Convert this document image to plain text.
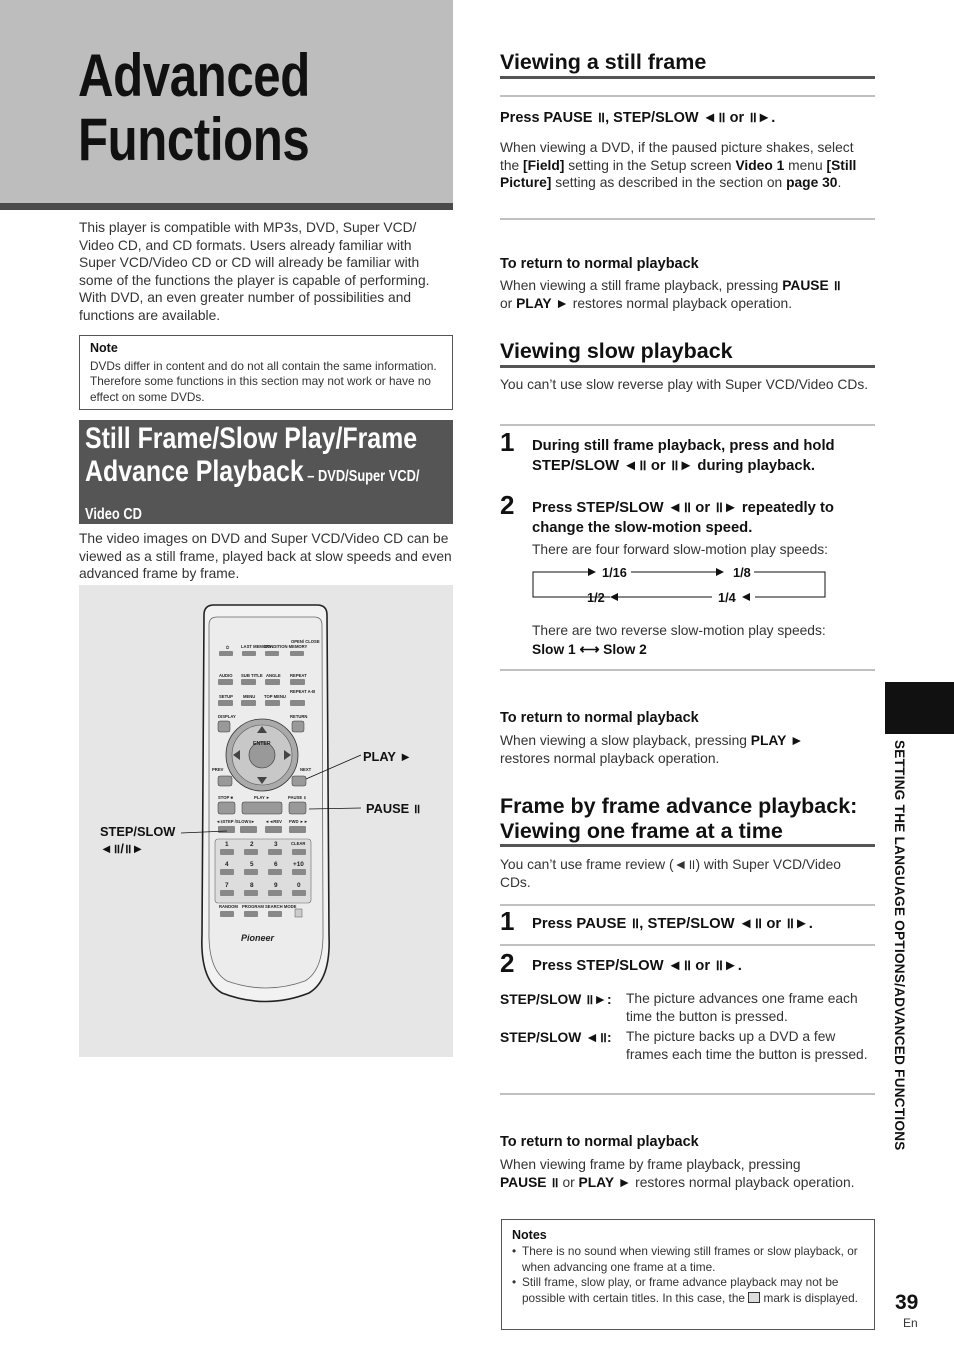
Advanced
Functions

This player is compatible with MP3s, DVD, Super VCD/ Video CD, and CD formats. Users already familiar with Super VCD/Video CD or CD will already be familiar with some of the functions the player is capable of performing. With DVD, an even greater number of possibilities and functions are available.

Note
DVDs differ in content and do not all contain the same information. Therefore some functions in this section may not work or have no effect on some DVDs.
Still Frame/Slow Play/Frame
Advance Playback – DVD/Super VCD/
Video CD

The video images on DVD and Super VCD/Video CD can be viewed as a still frame, played back at slow speeds and even advanced frame by frame.

⏻	LAST MEMORY
CONDITION MEMORY
OPEN/ CLOSE
AUDIO SUB TITLE ANGLE REPEAT
SETUP MENU TOP MENU
REPEAT A-B
DISPLAY	RETURN
ENTER
PREV	NEXT
STOP ■	PLAY ►	PAUSE ॥
◄॥STEP /SLOW॥► ◄◄REV FWD ►►
1	2	3
4	5	6
7	8	9	0
+10
CLEAR
RANDOM PROGRAM SEARCH MODE
Pioneer
PLAY ►
PAUSE ॥
STEP/SLOW
◄॥/॥►
Viewing a still frame
Press PAUSE ॥, STEP/SLOW ◄॥ or ॥►.

When viewing a DVD, if the paused picture shakes, select the [Field] setting in the Setup screen Video 1 menu [Still Picture] setting as described in the section on page 30.

To return to normal playback

When viewing a still frame playback, pressing PAUSE ॥
or PLAY ► restores normal playback operation.

Viewing slow playback

You can’t use slow reverse play with Super VCD/Video CDs.

1 During still frame playback, press and hold STEP/SLOW ◄॥ or ॥► during playback.
2 Press STEP/SLOW ◄॥ or ॥► repeatedly to change the slow-motion speed.

There are four forward slow-motion play speeds:

1/16	1/8
1/4
1/2

There are two reverse slow-motion play speeds:

Slow 1 ⟷ Slow 2
To return to normal playback

When viewing a slow playback, pressing PLAY ►
restores normal playback operation.

Frame by frame advance playback:
Viewing one frame at a time

You can’t use frame review (◄॥) with Super VCD/Video CDs.

1 Press PAUSE ॥, STEP/SLOW ◄॥ or ॥►.
2 Press STEP/SLOW ◄॥ or ॥►.
STEP/SLOW ॥►: The picture advances one frame each time the button is pressed.

STEP/SLOW ◄॥: The picture backs up a DVD a few frames each time the button is pressed.

To return to normal playback

When viewing frame by frame playback, pressing
PAUSE ॥ or PLAY ► restores normal playback operation.

Notes
• There is no sound when viewing still frames or slow playback, or when advancing one frame at a time.
• Still frame, slow play, or frame advance playback may not be possible with certain titles. In this case, the mark is displayed.
SETTING THE LANGUAGE OPTIONS/ADVANCED FUNCTIONS
39
En
